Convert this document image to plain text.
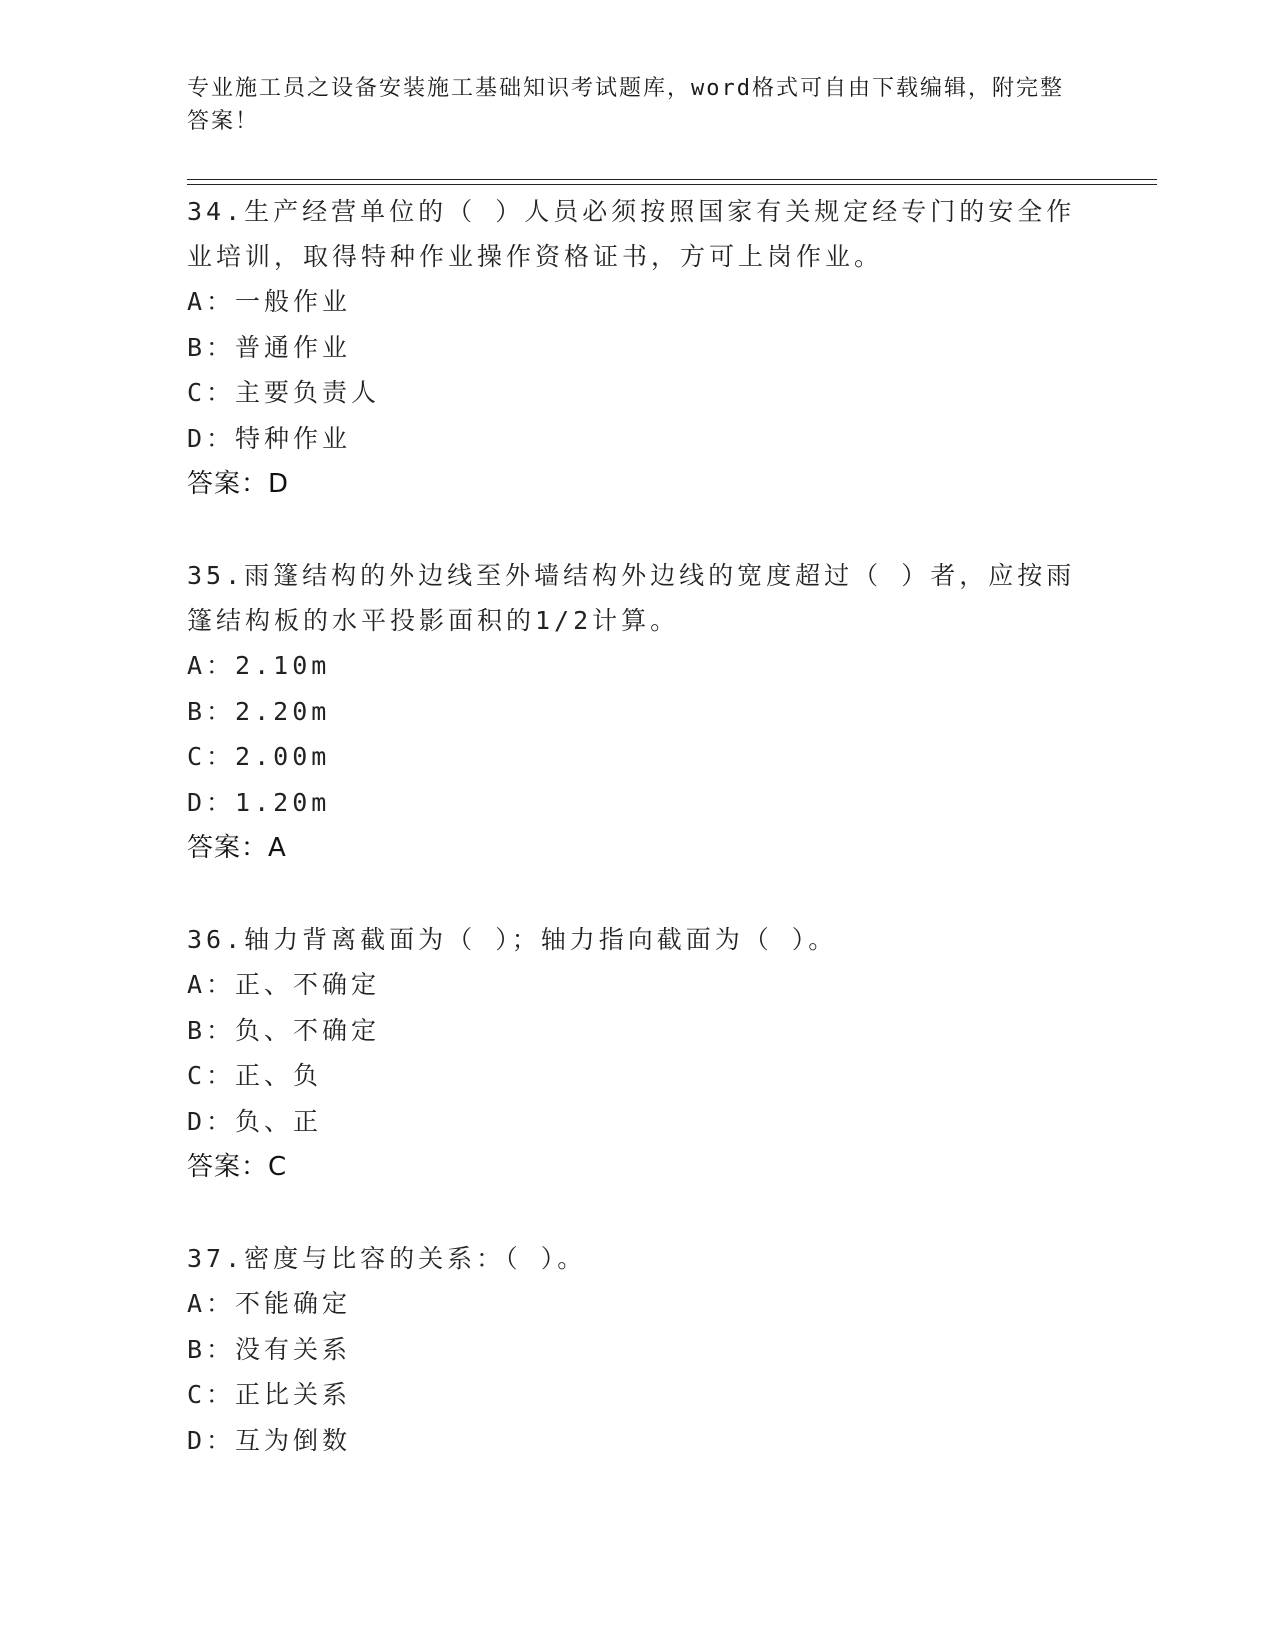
专业施工员之设备安装施工基础知识考试题库，word格式可自由下载编辑，附完整答案！
34.生产经营单位的（ ）人员必须按照国家有关规定经专门的安全作业培训，取得特种作业操作资格证书，方可上岗作业。
A：一般作业
B：普通作业
C：主要负责人
D：特种作业
答案：D
35.雨篷结构的外边线至外墙结构外边线的宽度超过（ ）者，应按雨篷结构板的水平投影面积的1/2计算。
A：2.10m
B：2.20m
C：2.00m
D：1.20m
答案：A
36.轴力背离截面为（ ）；轴力指向截面为（ ）。
A：正、不确定
B：负、不确定
C：正、负
D：负、正
答案：C
37.密度与比容的关系：（ ）。
A：不能确定
B：没有关系
C：正比关系
D：互为倒数
